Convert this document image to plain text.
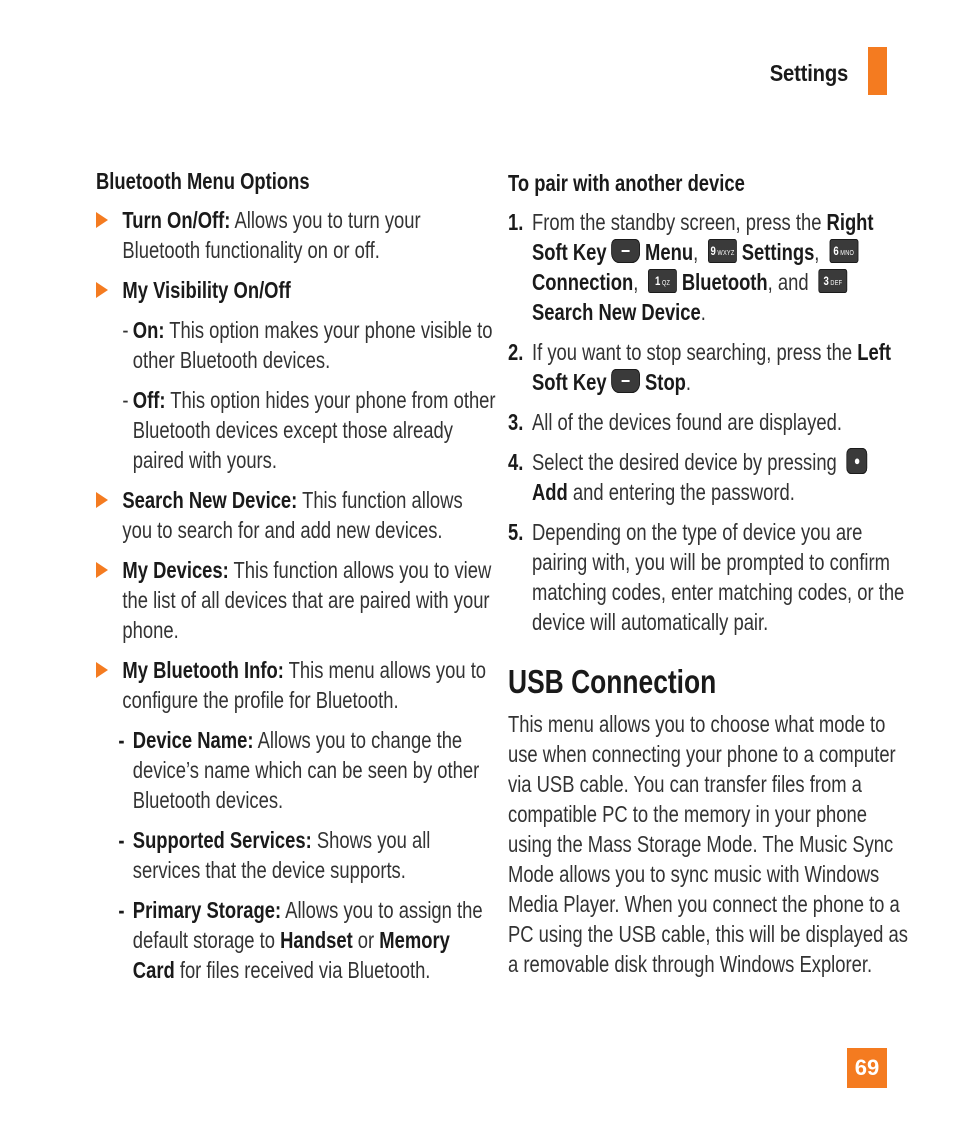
Settings
Bluetooth Menu Options
Turn On/Off: Allows you to turn your Bluetooth functionality on or off.
My Visibility On/Off
- On: This option makes your phone visible to other Bluetooth devices.
- Off: This option hides your phone from other Bluetooth devices except those already paired with yours.
Search New Device: This function allows you to search for and add new devices.
My Devices: This function allows you to view the list of all devices that are paired with your phone.
My Bluetooth Info: This menu allows you to configure the profile for Bluetooth.
- Device Name: Allows you to change the device’s name which can be seen by other Bluetooth devices.
- Supported Services: Shows you all services that the device supports.
- Primary Storage: Allows you to assign the default storage to Handset or Memory Card for files received via Bluetooth.
To pair with another device
1. From the standby screen, press the Right Soft Key Menu, 9 WXYZ Settings, 6 MNOConnection, 1 QZ Bluetooth, and 3 DEFSearch New Device.
2. If you want to stop searching, press the Left Soft Key Stop.
3. All of the devices found are displayed.
4. Select the desired device by pressing ●Add and entering the password.
5. Depending on the type of device you are pairing with, you will be prompted to confirm matching codes, enter matching codes, or the device will automatically pair.
USB Connection
This menu allows you to choose what mode to use when connecting your phone to a computer via USB cable. You can transfer files from a compatible PC to the memory in your phone using the Mass Storage Mode. The Music Sync Mode allows you to sync music with Windows Media Player. When you connect the phone to a PC using the USB cable, this will be displayed as a removable disk through Windows Explorer.
69
